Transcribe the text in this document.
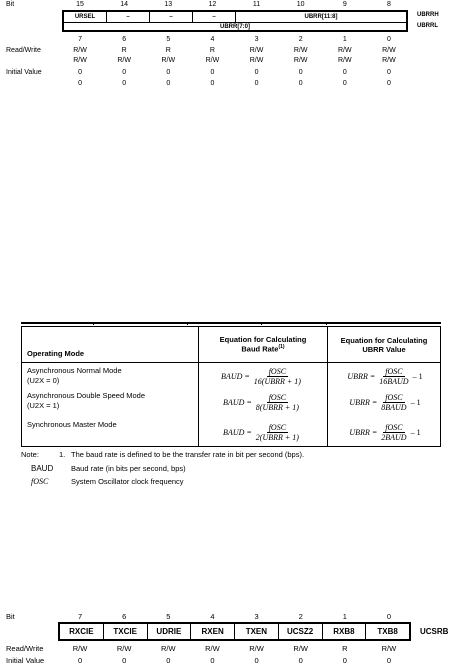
Bit	15	14	13	12	11	10	9	8
URSEL	–	–	–	UBRR[11:8]
UBRR[7:0]
UBRRH
UBRRL
7	6	5	4	3	2	1	0
Read/Write	R/W	R	R	R	R/W	R/W	R/W	R/W
R/W	R/W	R/W	R/W	R/W	R/W	R/W	R/W
Initial Value	0	0	0	0	0	0	0	0
0	0	0	0	0	0	0	0
Operating Mode
Equation for Calculating Baud Rate$^{(1)}$
Equation for Calculating UBRR Value
Asynchronous Normal Mode
(U2X = 0)	BAUD = $\frac{\text{fOSC}}{\text{16(UBRR + 1)}}$	UBRR = $\frac{\text{fOSC}}{\text{16BAUD}} - 1$
Asynchronous Double Speed Mode
(U2X = 1)	BAUD = $\frac{\text{fOSC}}{\text{8(UBRR + 1)}}$	UBRR = $\frac{\text{fOSC}}{\text{8BAUD}} - 1$
Synchronous Master Mode
BAUD = $\frac{\text{fOSC}}{\text{2(UBRR + 1)}}$	UBRR = $\frac{\text{fOSC}}{\text{2BAUD}} - 1$
Note:	1. The baud rate is defined to be the transfer rate in bit per second (bps).
BAUD Baud rate (in bits per second, bps)
fOSC	System Oscillator clock frequency
Bit	7	6	5	4	3	2	1	0
RXCIE	TXCIE	UDRIE	RXEN	TXEN	UCSZ2	RXB8	TXB8	UCSRB
Read/Write	R/W	R/W	R/W	R/W	R/W	R/W	R	R/W
Initial Value	0	0	0	0	0	0	0	0
